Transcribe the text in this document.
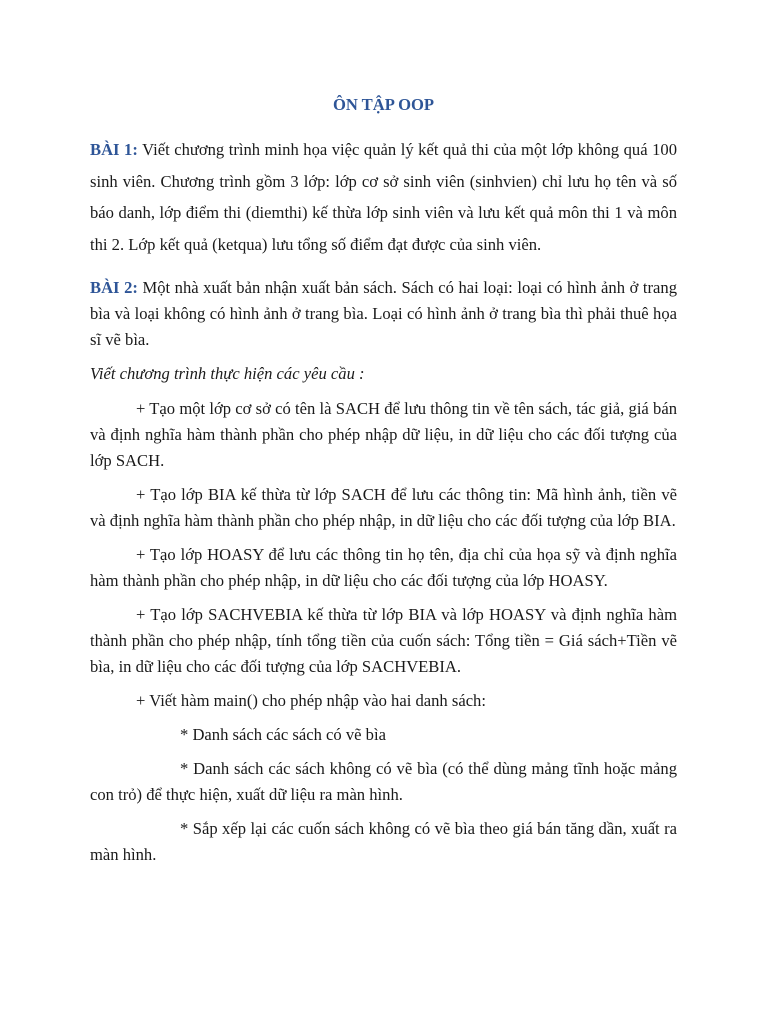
ÔN TẬP OOP

BÀI 1: Viết chương trình minh họa việc quản lý kết quả thi của một lớp không quá 100 sinh viên. Chương trình gồm 3 lớp: lớp cơ sở sinh viên (sinhvien) chỉ lưu họ tên và số báo danh, lớp điểm thi (diemthi) kế thừa lớp sinh viên và lưu kết quả môn thi 1 và môn thi 2. Lớp kết quả (ketqua) lưu tổng số điểm đạt được của sinh viên.

BÀI 2: Một nhà xuất bản nhận xuất bản sách. Sách có hai loại: loại có hình ảnh ở trang bìa và loại không có hình ảnh ở trang bìa. Loại có hình ảnh ở trang bìa thì phải thuê họa sĩ vẽ bìa.

Viết chương trình thực hiện các yêu cầu :

+ Tạo một lớp cơ sở có tên là SACH để lưu thông tin về tên sách, tác giả, giá bán và định nghĩa hàm thành phần cho phép nhập dữ liệu, in dữ liệu cho các đối tượng của lớp SACH.

+ Tạo lớp BIA kế thừa từ lớp SACH để lưu các thông tin: Mã hình ảnh, tiền vẽ và định nghĩa hàm thành phần cho phép nhập, in dữ liệu cho các đối tượng của lớp BIA.

+ Tạo lớp HOASY để lưu các thông tin họ tên, địa chỉ của họa sỹ và định nghĩa hàm thành phần cho phép nhập, in dữ liệu cho các đối tượng của lớp HOASY.

+ Tạo lớp SACHVEBIA kế thừa từ lớp BIA và lớp HOASY và định nghĩa hàm thành phần cho phép nhập, tính tổng tiền của cuốn sách: Tổng tiền = Giá sách+Tiền vẽ bìa, in dữ liệu cho các đối tượng của lớp SACHVEBIA.

+ Viết hàm main() cho phép nhập vào hai danh sách:

* Danh sách các sách có vẽ bìa

* Danh sách các sách không có vẽ bìa (có thể dùng mảng tĩnh hoặc mảng con trỏ) để thực hiện, xuất dữ liệu ra màn hình.

* Sắp xếp lại các cuốn sách không có vẽ bìa theo giá bán tăng dần, xuất ra màn hình.
